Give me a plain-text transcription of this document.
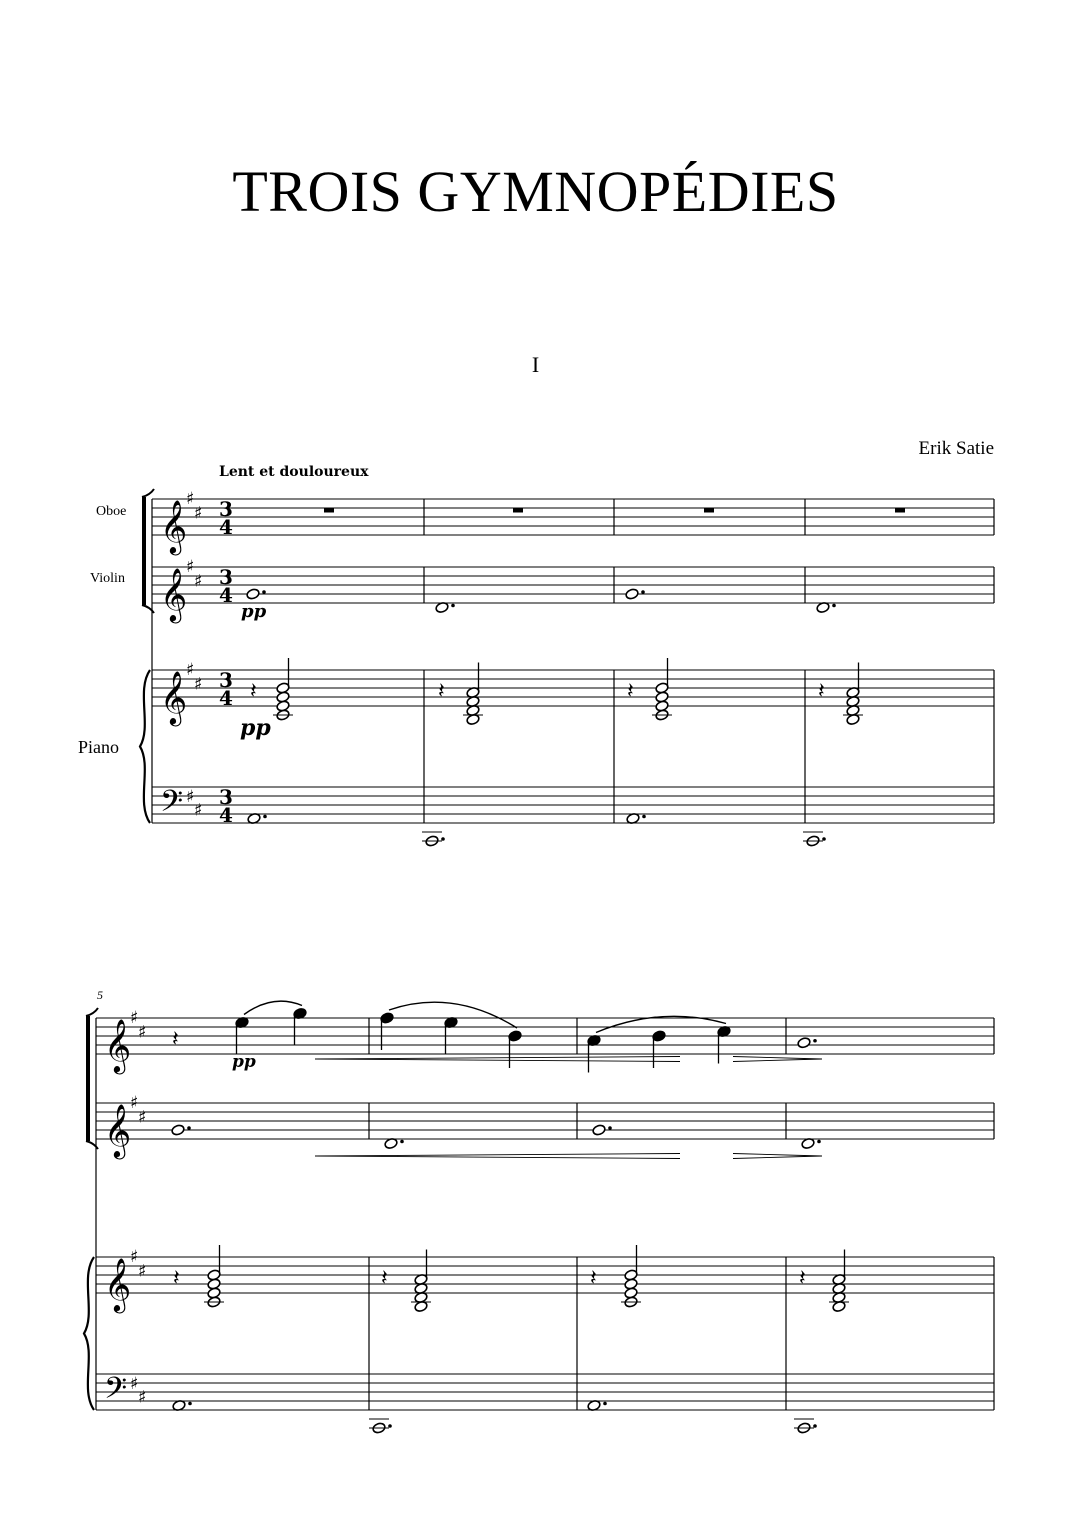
TROIS GYMNOPÉDIES
I
Erik Satie
Lent et douloureux
Oboe
Violin
Piano
5
𝄞
♯
♯ 3
4
𝄞
♯
♯ 3
4
𝄞
♯
♯ 3
4
𝄢 ♯
♯
3
4
pp
𝄽	𝄽	𝄽	𝄽
pp
𝄞
♯
♯
𝄞
♯
♯
𝄞
♯
♯
𝄢 ♯
♯
𝄽
pp
𝄽	𝄽	𝄽	𝄽
